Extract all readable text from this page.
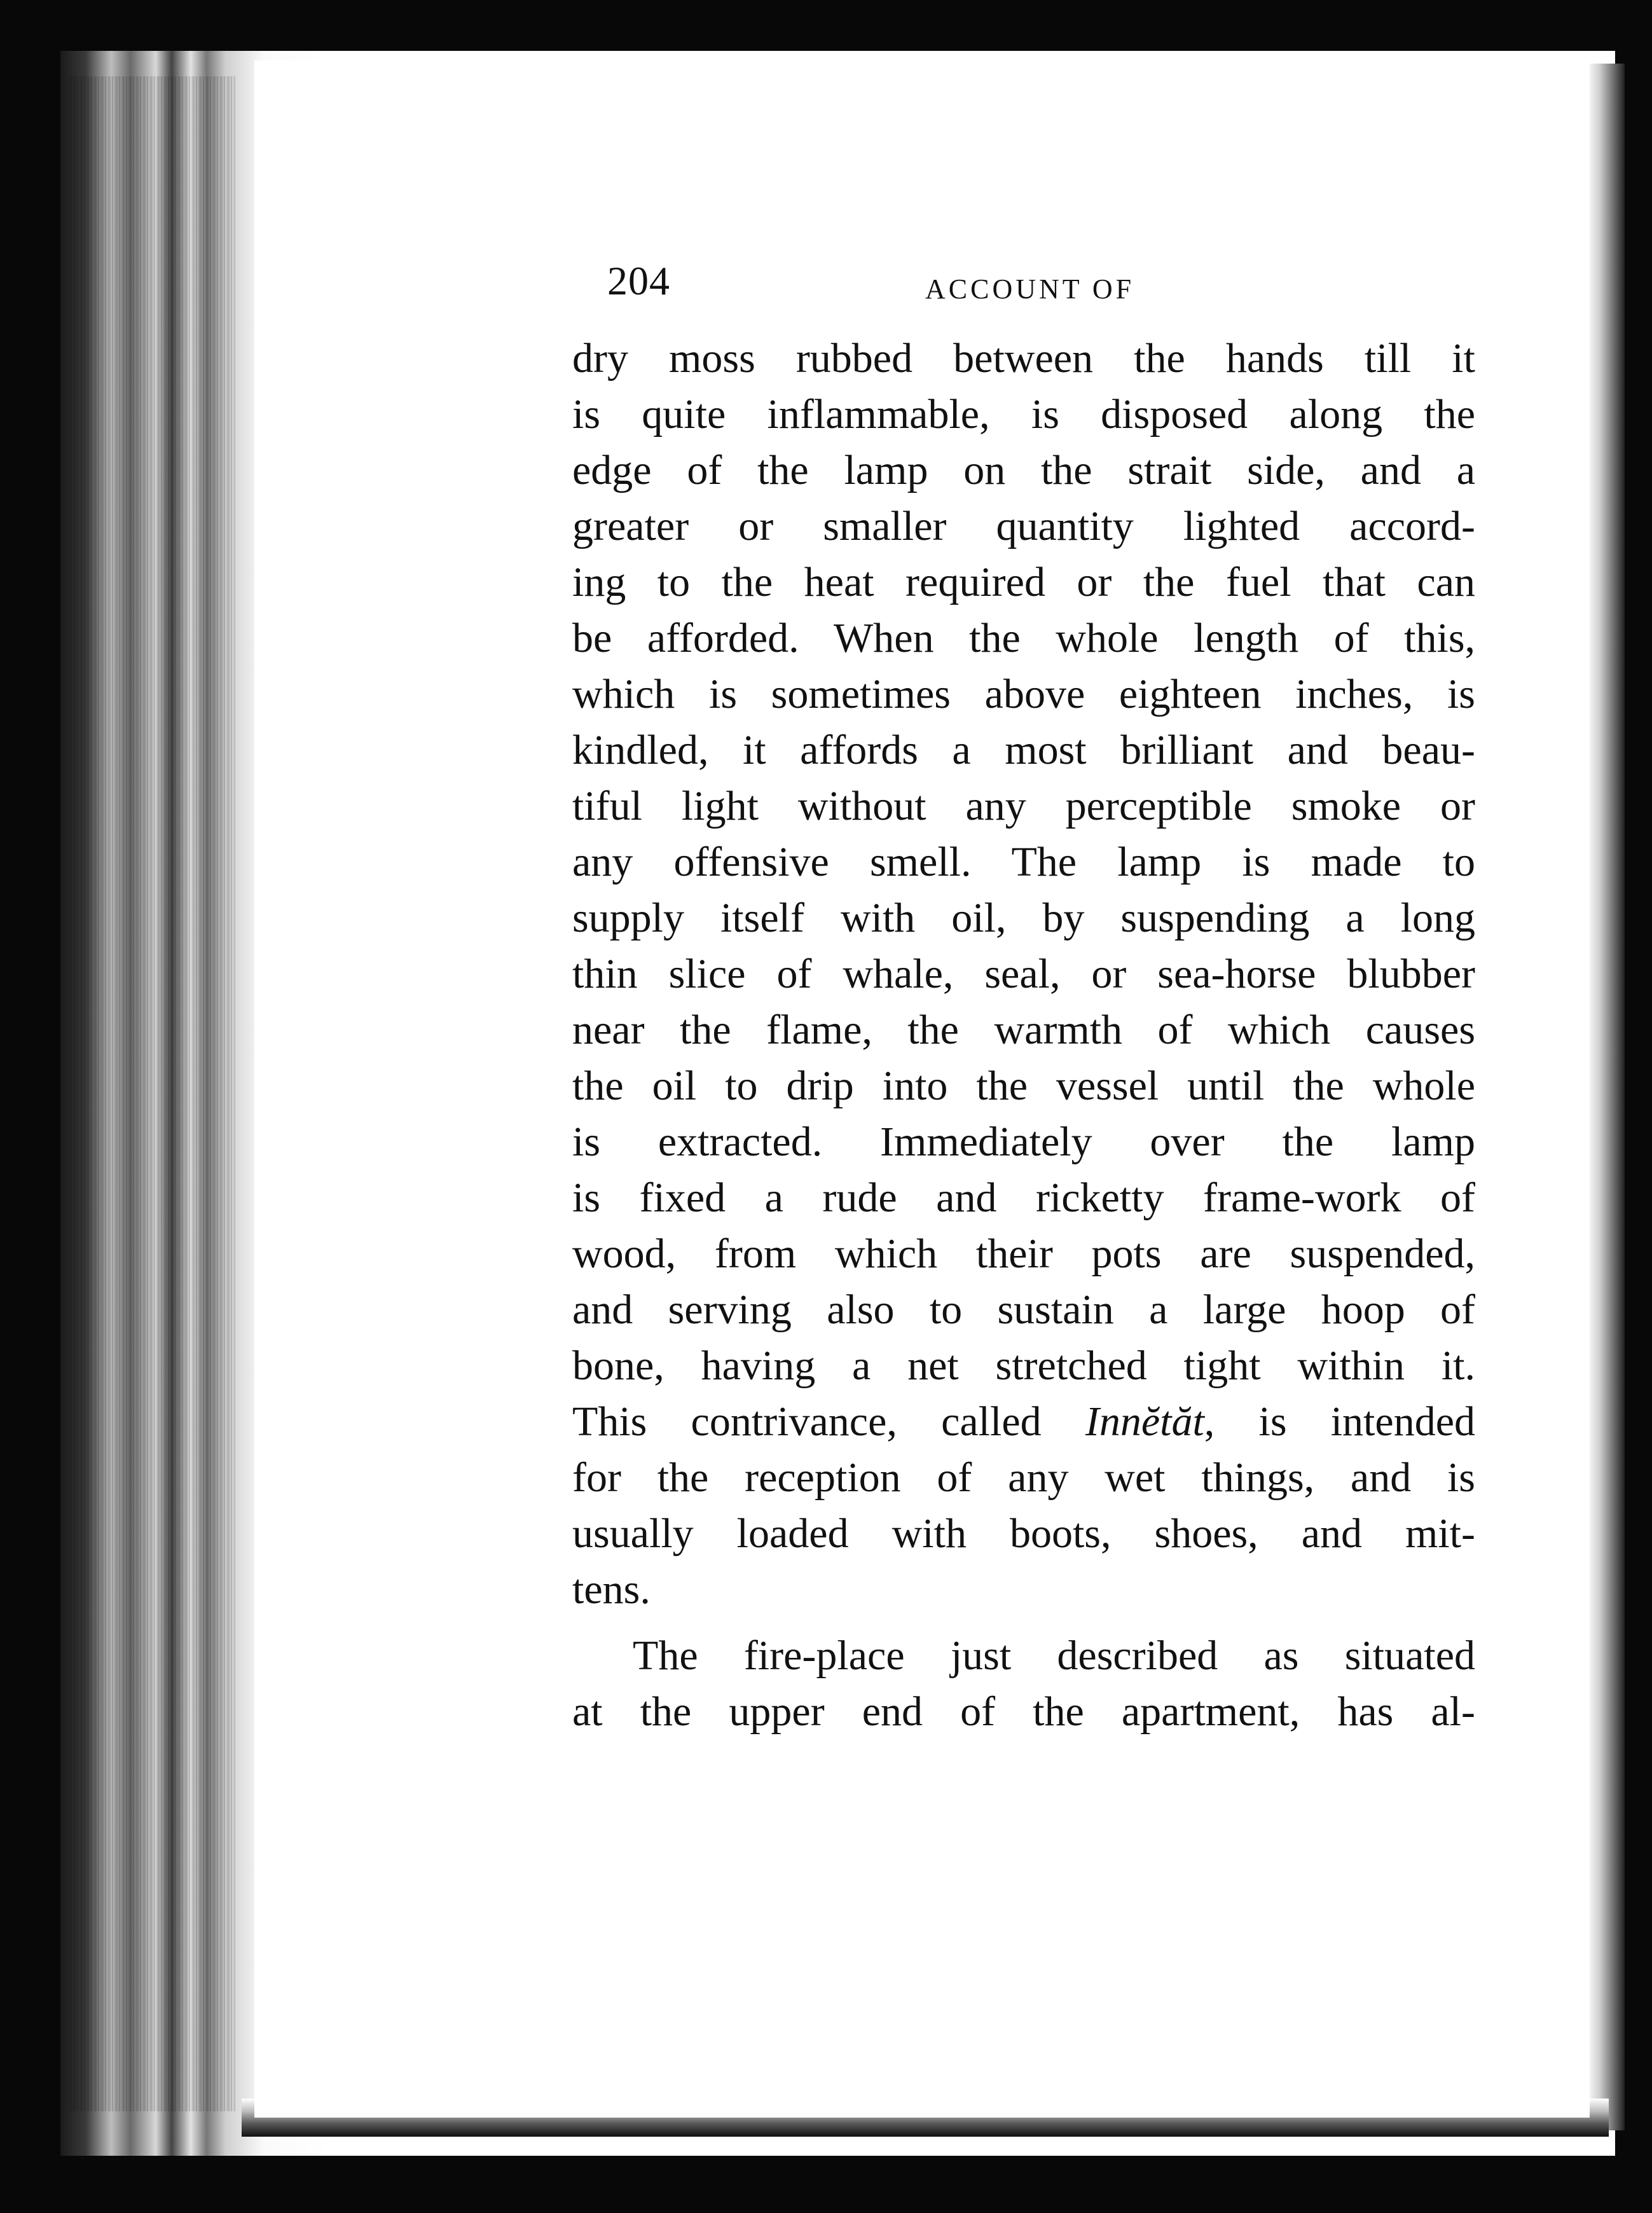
204	ACCOUNT OF
dry moss rubbed between the hands till it
is quite inflammable, is disposed along the
edge of the lamp on the strait side, and a
greater or smaller quantity lighted accord-
ing to the heat required or the fuel that can
be afforded. When the whole length of this,
which is sometimes above eighteen inches, is
kindled, it affords a most brilliant and beau-
tiful light without any perceptible smoke or
any offensive smell. The lamp is made to
supply itself with oil, by suspending a long
thin slice of whale, seal, or sea-horse blubber
near the flame, the warmth of which causes
the oil to drip into the vessel until the whole
is extracted. Immediately over the lamp
is fixed a rude and ricketty frame-work of
wood, from which their pots are suspended,
and serving also to sustain a large hoop of
bone, having a net stretched tight within it.
This contrivance, called Innĕtăt, is intended
for the reception of any wet things, and is
usually loaded with boots, shoes, and mit-
tens.
The fire-place just described as situated
at the upper end of the apartment, has al-
